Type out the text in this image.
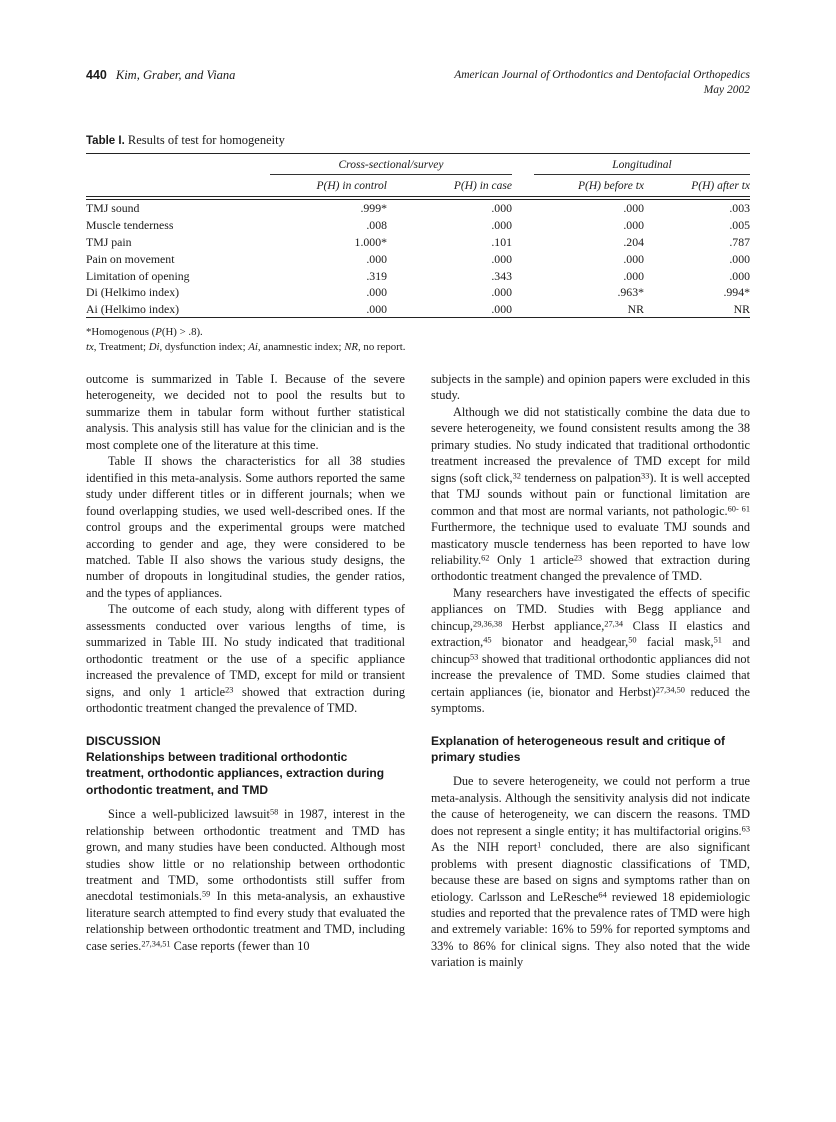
440 Kim, Graber, and Viana	American Journal of Orthodontics and Dentofacial Orthopedics
May 2002
Table I. Results of test for homogeneity

	Cross-sectional/survey			Longitudinal	
	P(H) in control	P(H) in case		P(H) before tx	P(H) after tx

TMJ sound	.999*	.000		.000	.003
Muscle tenderness	.008	.000		.000	.005
TMJ pain	1.000*	.101		.204	.787
Pain on movement	.000	.000		.000	.000
Limitation of opening	.319	.343		.000	.000
Di (Helkimo index)	.000	.000		.963*	.994*
Ai (Helkimo index)	.000	.000		NR	NR

*Homogenous (P(H) > .8).
tx, Treatment; Di, dysfunction index; Ai, anamnestic index; NR, no report.

outcome is summarized in Table I. Because of the severe heterogeneity, we decided not to pool the results but to summarize them in tabular form without further statistical analysis. This analysis still has value for the clinician and is the most complete one of the literature at this time.

Table II shows the characteristics for all 38 studies identified in this meta-analysis. Some authors reported the same study under different titles or in different journals; when we found overlapping studies, we used well-described ones. If the control groups and the experimental groups were matched according to gender and age, they were considered to be matched. Table II also shows the various study designs, the number of dropouts in longitudinal studies, the gender ratios, and the types of appliances.

The outcome of each study, along with different types of assessments conducted over various lengths of time, is summarized in Table III. No study indicated that traditional orthodontic treatment or the use of a specific appliance increased the prevalence of TMD, except for mild or transient signs, and only 1 article$^{23}$ showed that extraction during orthodontic treatment changed the prevalence of TMD.

DISCUSSION
Relationships between traditional orthodontic treatment, orthodontic appliances, extraction during orthodontic treatment, and TMD

Since a well-publicized lawsuit$^{58}$ in 1987, interest in the relationship between orthodontic treatment and TMD has grown, and many studies have been conducted. Although most studies show little or no relationship between orthodontic treatment and TMD, some orthodontists still suffer from anecdotal testimonials.$^{59}$ In this meta-analysis, an exhaustive literature search attempted to find every study that evaluated the relationship between orthodontic treatment and TMD, including case series.$^{27,34,51}$ Case reports (fewer than 10

subjects in the sample) and opinion papers were excluded in this study.

Although we did not statistically combine the data due to severe heterogeneity, we found consistent results among the 38 primary studies. No study indicated that traditional orthodontic treatment increased the prevalence of TMD except for mild signs (soft click,$^{32}$ tenderness on palpation$^{33}$). It is well accepted that TMJ sounds without pain or functional limitation are common and that most are normal variants, not pathologic.$^{60- 61}$ Furthermore, the technique used to evaluate TMJ sounds and masticatory muscle tenderness has been reported to have low reliability.$^{62}$ Only 1 article$^{23}$ showed that extraction during orthodontic treatment changed the prevalence of TMD.

Many researchers have investigated the effects of specific appliances on TMD. Studies with Begg appliance and chincup,$^{29,36,38}$ Herbst appliance,$^{27,34}$ Class II elastics and extraction,$^{45}$ bionator and headgear,$^{50}$ facial mask,$^{51}$ and chincup$^{53}$ showed that traditional orthodontic appliances did not increase the prevalence of TMD. Some studies claimed that certain appliances (ie, bionator and Herbst)$^{27,34,50}$ reduced the symptoms.

Explanation of heterogeneous result and critique of primary studies

Due to severe heterogeneity, we could not perform a true meta-analysis. Although the sensitivity analysis did not indicate the cause of heterogeneity, we can discern the reasons. TMD does not represent a single entity; it has multifactorial origins.$^{63}$ As the NIH report$^1$ concluded, there are also significant problems with present diagnostic classifications of TMD, because these are based on signs and symptoms rather than on etiology. Carlsson and LeResche$^{64}$ reviewed 18 epidemiologic studies and reported that the prevalence rates of TMD were high and extremely variable: 16% to 59% for reported symptoms and 33% to 86% for clinical signs. They also noted that the wide variation is mainly
